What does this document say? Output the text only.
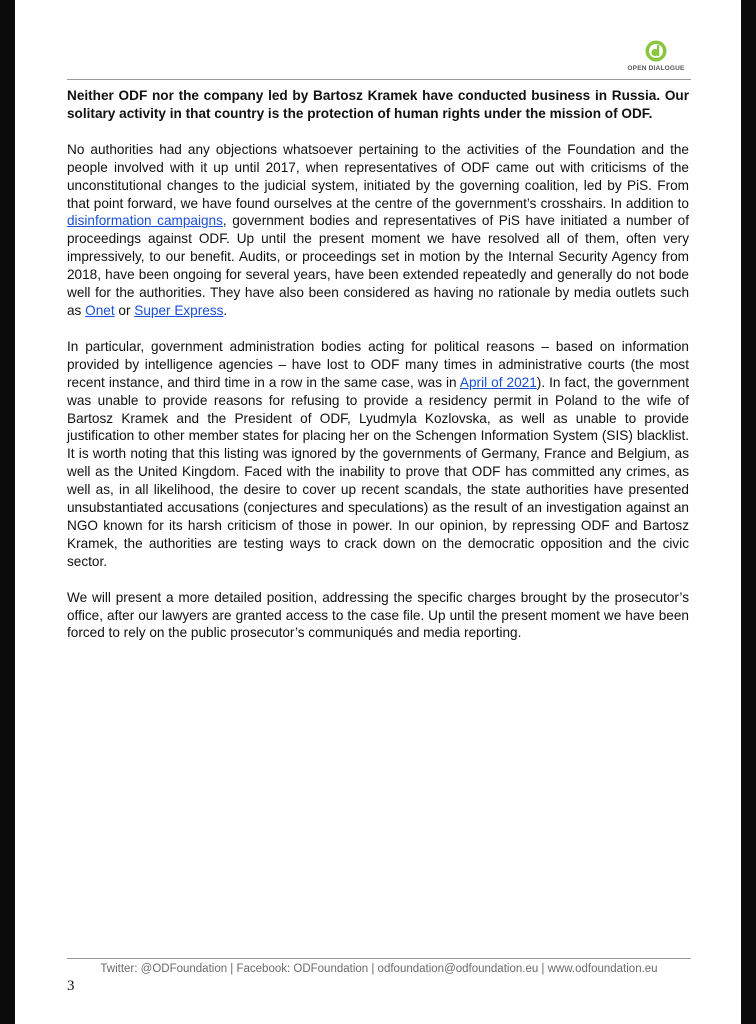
OPEN DIALOGUE

Neither ODF nor the company led by Bartosz Kramek have conducted business in Russia. Our solitary activity in that country is the protection of human rights under the mission of ODF.

No authorities had any objections whatsoever pertaining to the activities of the Foundation and the people involved with it up until 2017, when representatives of ODF came out with criticisms of the unconstitutional changes to the judicial system, initiated by the governing coalition, led by PiS. From that point forward, we have found ourselves at the centre of the government’s crosshairs. In addition to disinformation campaigns, government bodies and representatives of PiS have initiated a number of proceedings against ODF. Up until the present moment we have resolved all of them, often very impressively, to our benefit. Audits, or proceedings set in motion by the Internal Security Agency from 2018, have been ongoing for several years, have been extended repeatedly and generally do not bode well for the authorities. They have also been considered as having no rationale by media outlets such as Onet or Super Express.

In particular, government administration bodies acting for political reasons – based on information provided by intelligence agencies – have lost to ODF many times in administrative courts (the most recent instance, and third time in a row in the same case, was in April of 2021). In fact, the government was unable to provide reasons for refusing to provide a residency permit in Poland to the wife of Bartosz Kramek and the President of ODF, Lyudmyla Kozlovska, as well as unable to provide justification to other member states for placing her on the Schengen Information System (SIS) blacklist. It is worth noting that this listing was ignored by the governments of Germany, France and Belgium, as well as the United Kingdom. Faced with the inability to prove that ODF has committed any crimes, as well as, in all likelihood, the desire to cover up recent scandals, the state authorities have presented unsubstantiated accusations (conjectures and speculations) as the result of an investigation against an NGO known for its harsh criticism of those in power. In our opinion, by repressing ODF and Bartosz Kramek, the authorities are testing ways to crack down on the democratic opposition and the civic sector.

We will present a more detailed position, addressing the specific charges brought by the prosecutor’s office, after our lawyers are granted access to the case file. Up until the present moment we have been forced to rely on the public prosecutor’s communiqués and media reporting.

Twitter: @ODFoundation | Facebook: ODFoundation | odfoundation@odfoundation.eu | www.odfoundation.eu
3
